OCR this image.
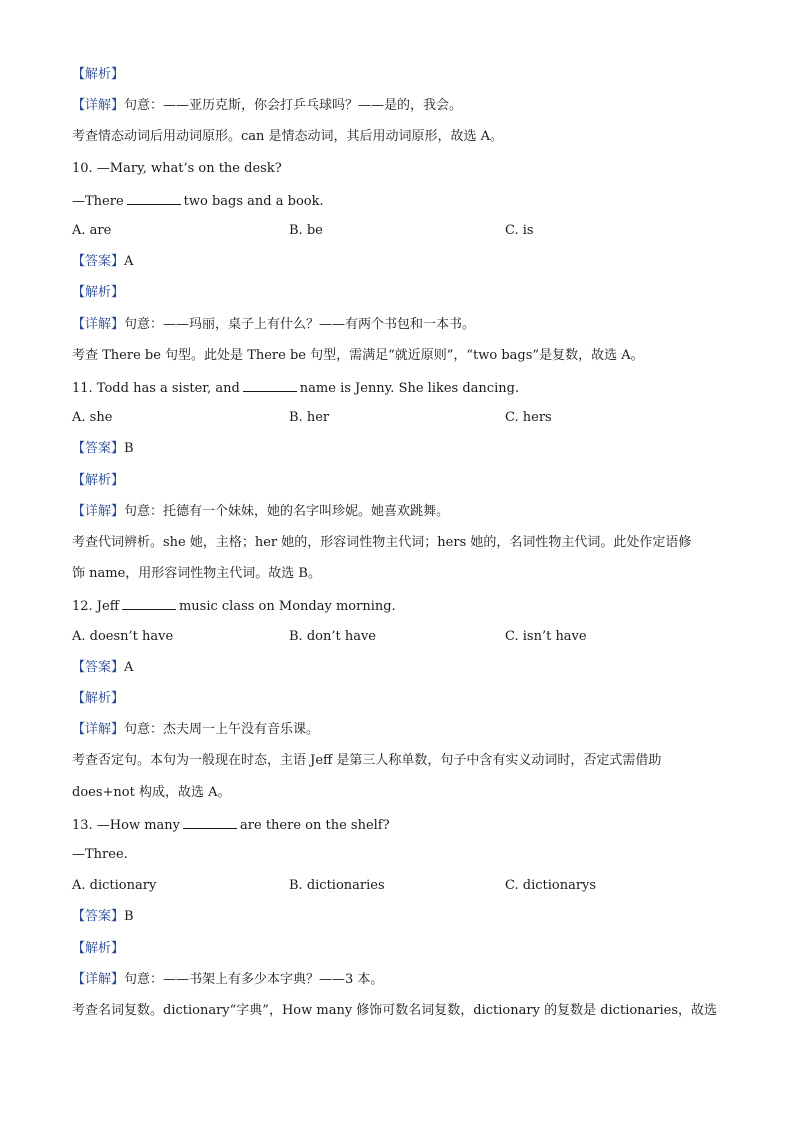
【解析】
【详解】句意：——亚历克斯，你会打乒乓球吗？——是的，我会。
考查情态动词后用动词原形。can 是情态动词，其后用动词原形，故选 A。
10. —Mary, what’s on the desk?
—There	two bags and a book.
A. are	B. be	C. is
【答案】A
【解析】
【详解】句意：——玛丽，桌子上有什么？——有两个书包和一本书。
考查 There be 句型。此处是 There be 句型，需满足“就近原则”，“two bags”是复数，故选 A。
11. Todd has a sister, and	name is Jenny. She likes dancing.
A. she	B. her	C. hers
【答案】B
【解析】
【详解】句意：托德有一个妹妹，她的名字叫珍妮。她喜欢跳舞。
考查代词辨析。she 她，主格；her 她的，形容词性物主代词；hers 她的，名词性物主代词。此处作定语修
饰 name，用形容词性物主代词。故选 B。
12. Jeff	music class on Monday morning.
A. doesn’t have	B. don’t have	C. isn’t have
【答案】A
【解析】
【详解】句意：杰夫周一上午没有音乐课。
考查否定句。本句为一般现在时态，主语 Jeff 是第三人称单数，句子中含有实义动词时，否定式需借助
does+not 构成，故选 A。
13. —How many	are there on the shelf?
—Three.
A. dictionary	B. dictionaries	C. dictionarys
【答案】B
【解析】
【详解】句意：——书架上有多少本字典？——3 本。
考查名词复数。dictionary“字典”，How many 修饰可数名词复数，dictionary 的复数是 dictionaries，故选
